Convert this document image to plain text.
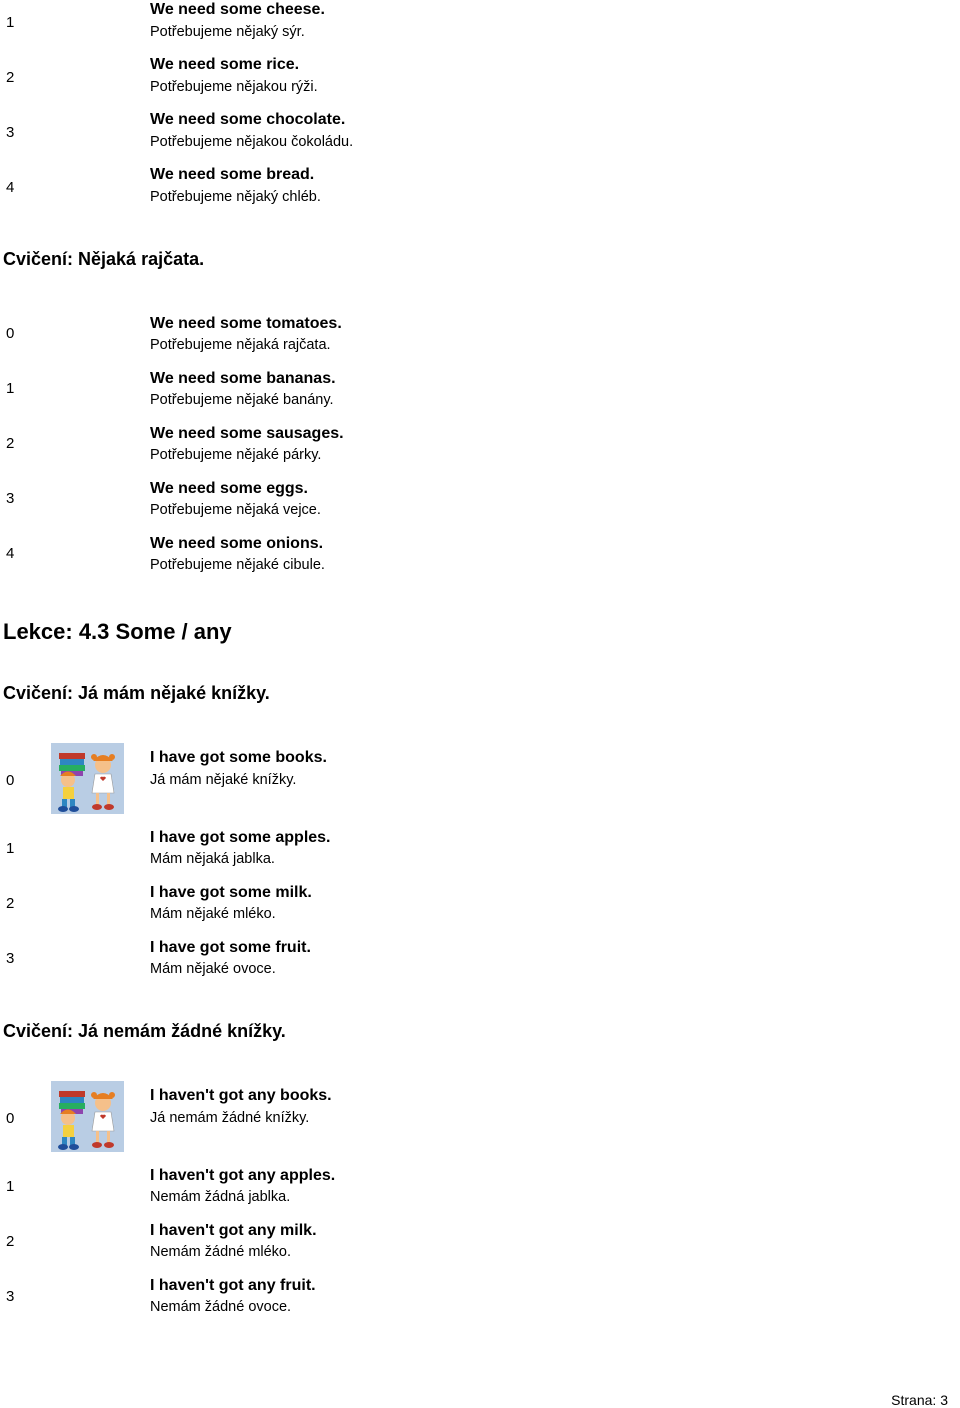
1
We need some cheese.
Potřebujeme nějaký sýr.
2
We need some rice.
Potřebujeme nějakou rýži.
3
We need some chocolate.
Potřebujeme nějakou čokoládu.
4
We need some bread.
Potřebujeme nějaký chléb.
Cvičení: Nějaká rajčata.
0
We need some tomatoes.
Potřebujeme nějaká rajčata.
1
We need some bananas.
Potřebujeme nějaké banány.
2
We need some sausages.
Potřebujeme nějaké párky.
3
We need some eggs.
Potřebujeme nějaká vejce.
4
We need some onions.
Potřebujeme nějaké cibule.
Lekce: 4.3 Some / any
Cvičení: Já mám nějaké knížky.
0
I have got some books.
Já mám nějaké knížky.
1
I have got some apples.
Mám nějaká jablka.
2
I have got some milk.
Mám nějaké mléko.
3
I have got some fruit.
Mám nějaké ovoce.
Cvičení: Já nemám žádné knížky.
0
I haven't got any books.
Já nemám žádné knížky.
1
I haven't got any apples.
Nemám žádná jablka.
2
I haven't got any milk.
Nemám žádné mléko.
3
I haven't got any fruit.
Nemám žádné ovoce.
Strana: 3
